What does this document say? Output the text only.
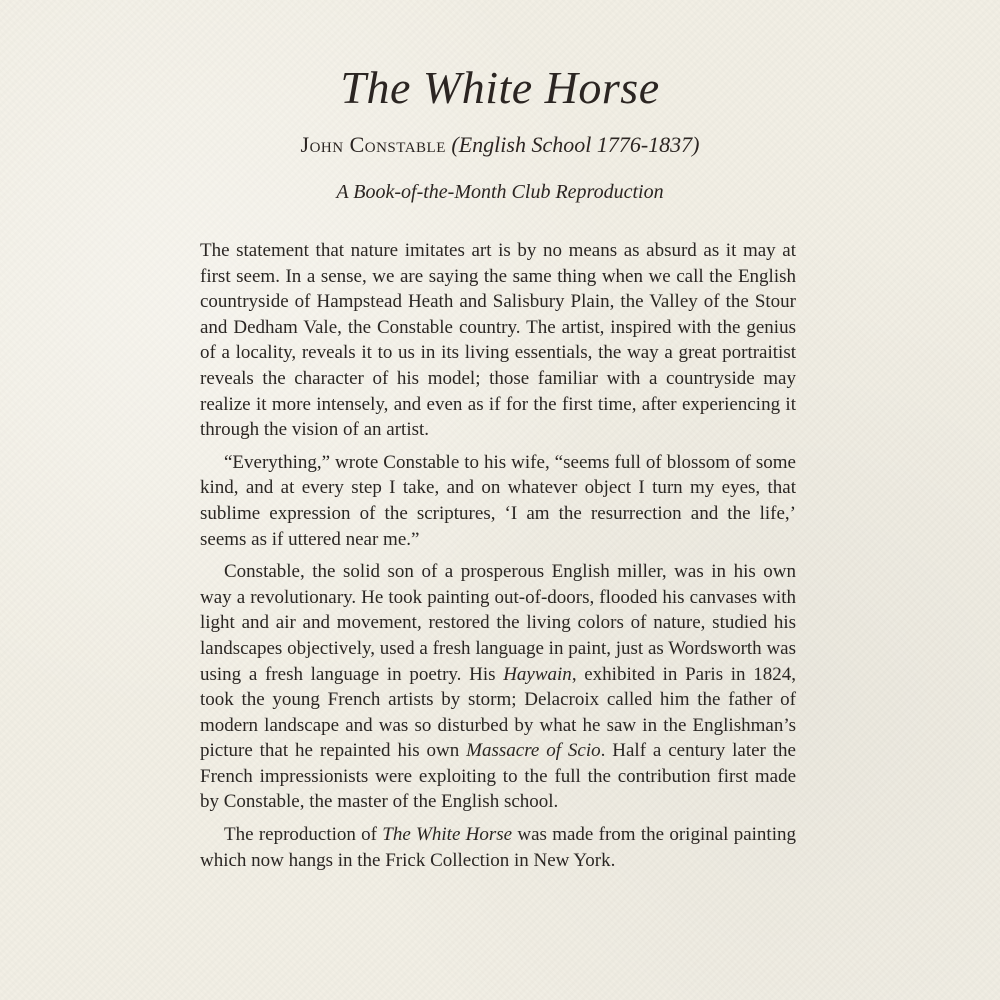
The White Horse

John Constable (English School 1776-1837)

A Book-of-the-Month Club Reproduction

The statement that nature imitates art is by no means as absurd as it may at first seem. In a sense, we are saying the same thing when we call the English countryside of Hampstead Heath and Salisbury Plain, the Valley of the Stour and Dedham Vale, the Constable country. The artist, inspired with the genius of a locality, reveals it to us in its living essentials, the way a great portraitist reveals the character of his model; those familiar with a countryside may realize it more intensely, and even as if for the first time, after experiencing it through the vision of an artist.

“Everything,” wrote Constable to his wife, “seems full of blossom of some kind, and at every step I take, and on whatever object I turn my eyes, that sublime expression of the scriptures, ‘I am the resurrection and the life,’ seems as if uttered near me.”

Constable, the solid son of a prosperous English miller, was in his own way a revolutionary. He took painting out-of-doors, flooded his canvases with light and air and movement, restored the living colors of nature, studied his landscapes objectively, used a fresh language in paint, just as Wordsworth was using a fresh language in poetry. His Haywain, exhibited in Paris in 1824, took the young French artists by storm; Delacroix called him the father of modern landscape and was so disturbed by what he saw in the Englishman’s picture that he repainted his own Massacre of Scio. Half a century later the French impressionists were exploiting to the full the contribution first made by Constable, the master of the English school.

The reproduction of The White Horse was made from the original painting which now hangs in the Frick Collection in New York.
